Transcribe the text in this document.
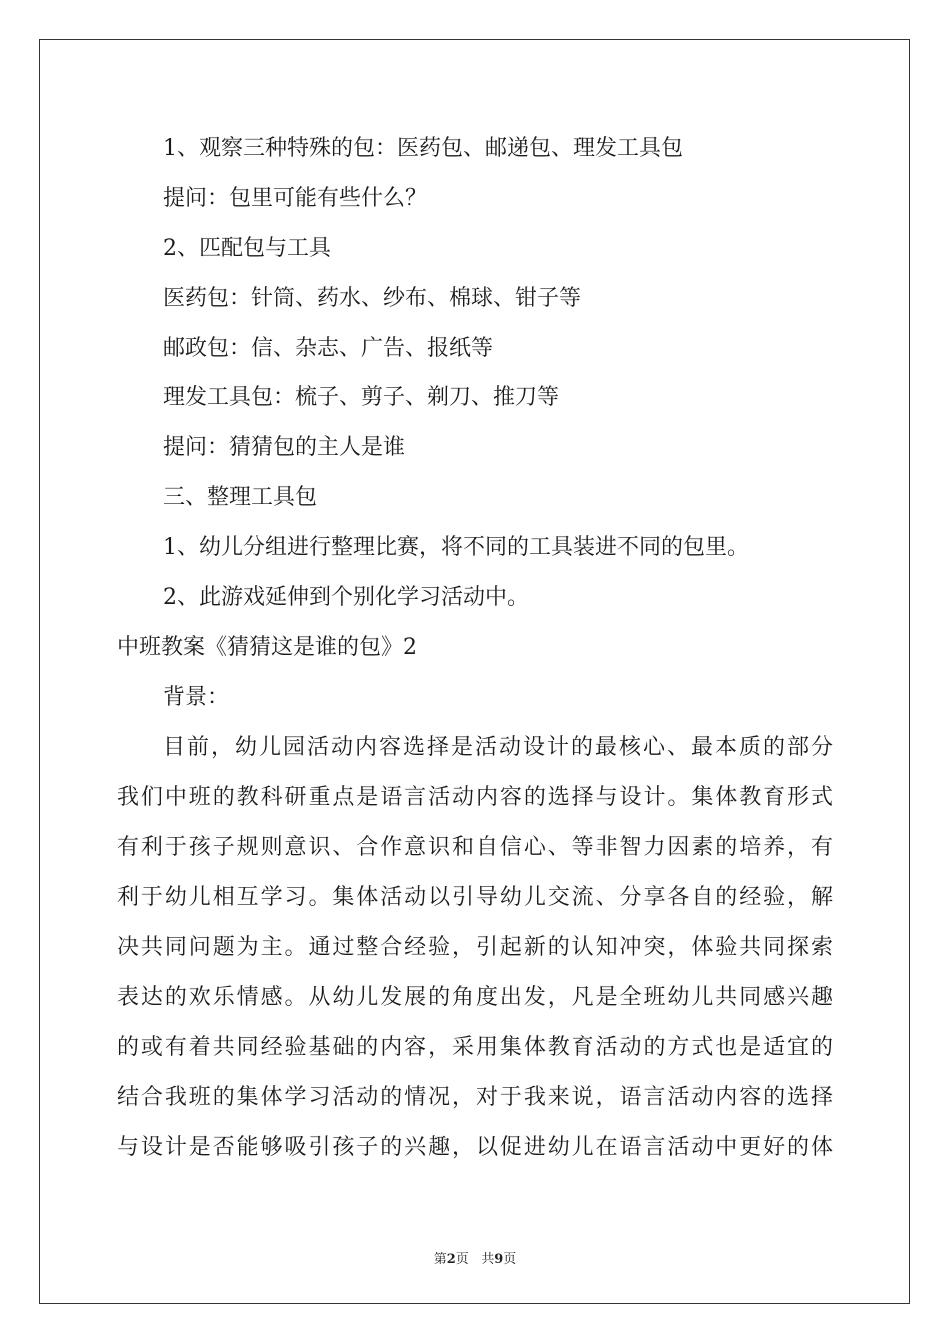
1、观察三种特殊的包：医药包、邮递包、理发工具包

提问：包里可能有些什么？

2、匹配包与工具

医药包：针筒、药水、纱布、棉球、钳子等

邮政包：信、杂志、广告、报纸等

理发工具包：梳子、剪子、剃刀、推刀等

提问：猜猜包的主人是谁

三、整理工具包

1、幼儿分组进行整理比赛，将不同的工具装进不同的包里。

2、此游戏延伸到个别化学习活动中。

中班教案《猜猜这是谁的包》2

背景：

目前，幼儿园活动内容选择是活动设计的最核心、最本质的部分

我们中班的教科研重点是语言活动内容的选择与设计。集体教育形式

有利于孩子规则意识、合作意识和自信心、等非智力因素的培养，有

利于幼儿相互学习。集体活动以引导幼儿交流、分享各自的经验，解

决共同问题为主。通过整合经验，引起新的认知冲突，体验共同探索

表达的欢乐情感。从幼儿发展的角度出发，凡是全班幼儿共同感兴趣

的或有着共同经验基础的内容，采用集体教育活动的方式也是适宜的

结合我班的集体学习活动的情况，对于我来说，语言活动内容的选择

与设计是否能够吸引孩子的兴趣，以促进幼儿在语言活动中更好的体

第2页 共9页
